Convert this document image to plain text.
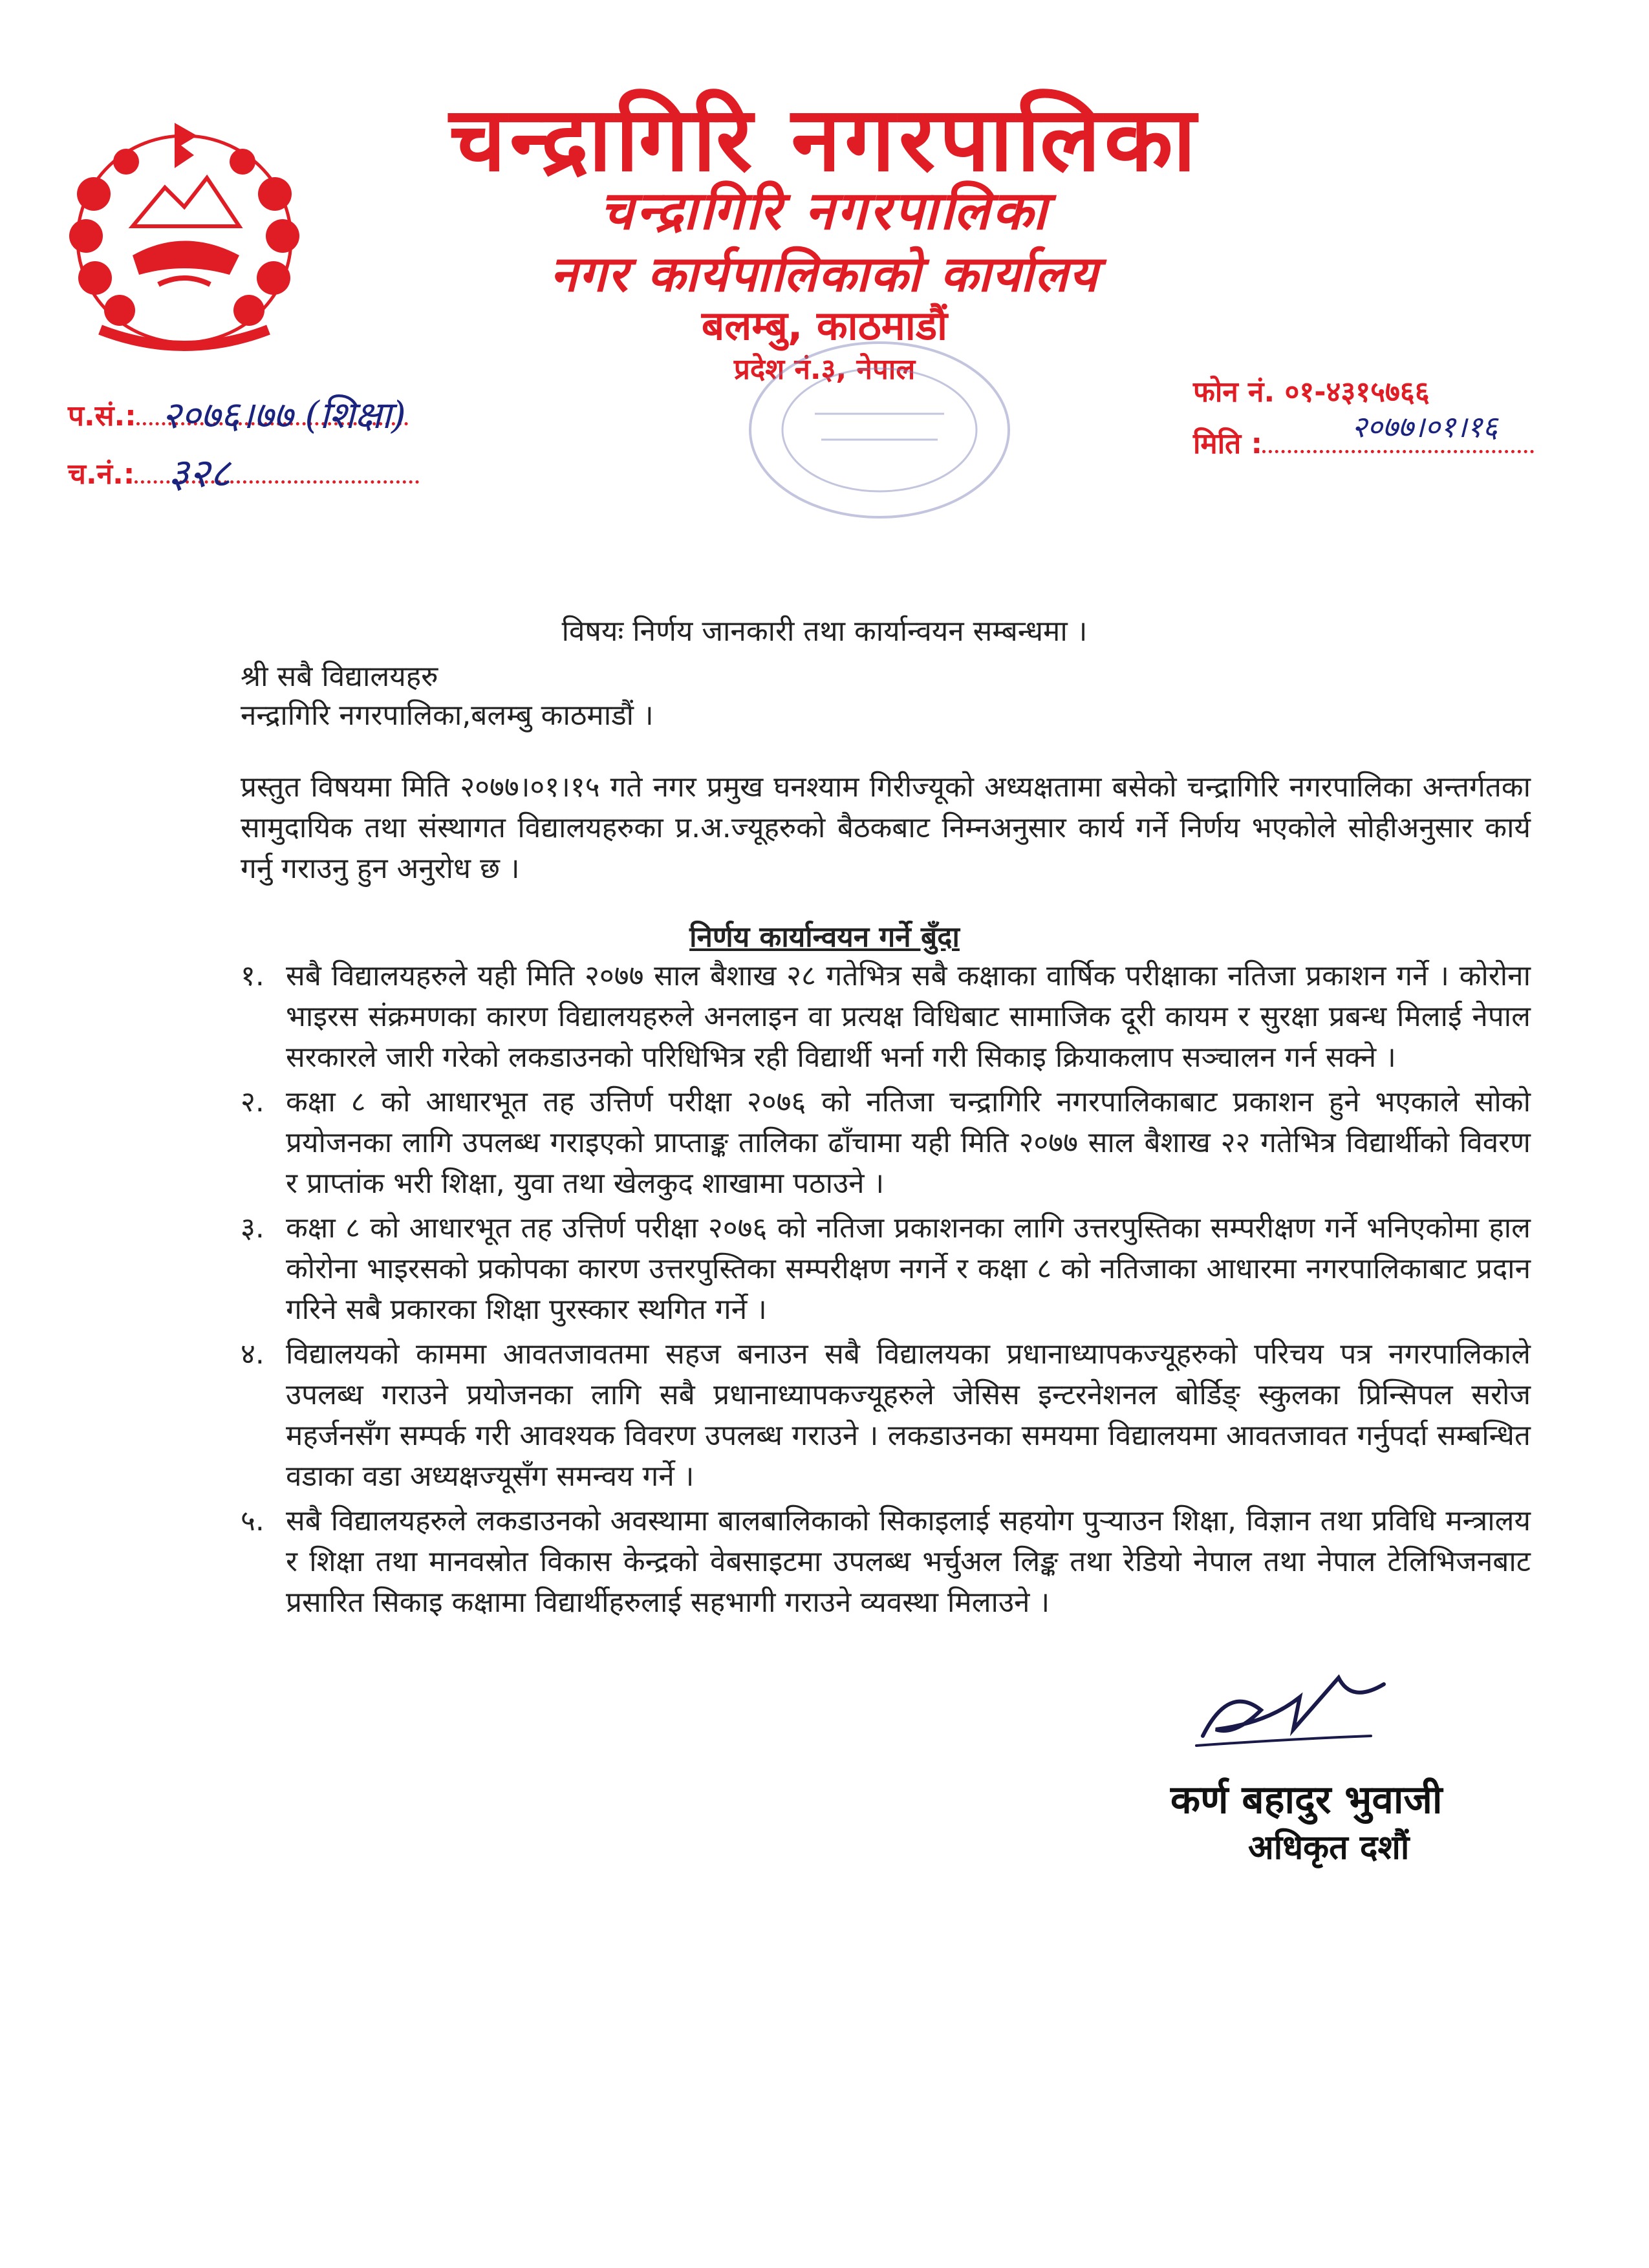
चन्द्रागिरि नगरपालिका
चन्द्रागिरि नगरपालिका
नगर कार्यपालिकाको कार्यालय
बलम्बु, काठमाडौं
प्रदेश नं.३, नेपाल
प.सं.: २०७६।७७ (शिक्षा)
च.नं.: ३२८
फोन नं. ०१-४३१५७६६
मिति :	२०७७।०१।१६
विषयः निर्णय जानकारी तथा कार्यान्वयन सम्बन्धमा ।
श्री सबै विद्यालयहरु
नन्द्रागिरि नगरपालिका,बलम्बु काठमाडौं ।
प्रस्तुत विषयमा मिति २०७७।०१।१५ गते नगर प्रमुख घनश्याम गिरीज्यूको अध्यक्षतामा बसेको चन्द्रागिरि नगरपालिका अन्तर्गतका सामुदायिक तथा संस्थागत विद्यालयहरुका प्र.अ.ज्यूहरुको बैठकबाट निम्नअनुसार कार्य गर्ने निर्णय भएकोले सोहीअनुसार कार्य गर्नु गराउनु हुन अनुरोध छ ।
निर्णय कार्यान्वयन गर्ने बुँदा
१. सबै विद्यालयहरुले यही मिति २०७७ साल बैशाख २८ गतेभित्र सबै कक्षाका वार्षिक परीक्षाका नतिजा प्रकाशन गर्ने । कोरोना भाइरस संक्रमणका कारण विद्यालयहरुले अनलाइन वा प्रत्यक्ष विधिबाट सामाजिक दूरी कायम र सुरक्षा प्रबन्ध मिलाई नेपाल सरकारले जारी गरेको लकडाउनको परिधिभित्र रही विद्यार्थी भर्ना गरी सिकाइ क्रियाकलाप सञ्चालन गर्न सक्ने ।
२. कक्षा ८ को आधारभूत तह उत्तिर्ण परीक्षा २०७६ को नतिजा चन्द्रागिरि नगरपालिकाबाट प्रकाशन हुने भएकाले सोको प्रयोजनका लागि उपलब्ध गराइएको प्राप्ताङ्क तालिका ढाँचामा यही मिति २०७७ साल बैशाख २२ गतेभित्र विद्यार्थीको विवरण र प्राप्तांक भरी शिक्षा, युवा तथा खेलकुद शाखामा पठाउने ।
३. कक्षा ८ को आधारभूत तह उत्तिर्ण परीक्षा २०७६ को नतिजा प्रकाशनका लागि उत्तरपुस्तिका सम्परीक्षण गर्ने भनिएकोमा हाल कोरोना भाइरसको प्रकोपका कारण उत्तरपुस्तिका सम्परीक्षण नगर्ने र कक्षा ८ को नतिजाका आधारमा नगरपालिकाबाट प्रदान गरिने सबै प्रकारका शिक्षा पुरस्कार स्थगित गर्ने ।
४. विद्यालयको काममा आवतजावतमा सहज बनाउन सबै विद्यालयका प्रधानाध्यापकज्यूहरुको परिचय पत्र नगरपालिकाले उपलब्ध गराउने प्रयोजनका लागि सबै प्रधानाध्यापकज्यूहरुले जेसिस इन्टरनेशनल बोर्डिङ् स्कुलका प्रिन्सिपल सरोज महर्जनसँग सम्पर्क गरी आवश्यक विवरण उपलब्ध गराउने । लकडाउनका समयमा विद्यालयमा आवतजावत गर्नुपर्दा सम्बन्धित वडाका वडा अध्यक्षज्यूसँग समन्वय गर्ने ।
५. सबै विद्यालयहरुले लकडाउनको अवस्थामा बालबालिकाको सिकाइलाई सहयोग पुऱ्याउन शिक्षा, विज्ञान तथा प्रविधि मन्त्रालय र शिक्षा तथा मानवस्रोत विकास केन्द्रको वेबसाइटमा उपलब्ध भर्चुअल लिङ्क तथा रेडियो नेपाल तथा नेपाल टेलिभिजनबाट प्रसारित सिकाइ कक्षामा विद्यार्थीहरुलाई सहभागी गराउने व्यवस्था मिलाउने ।
कर्ण बहादुर भुवाजी
अधिकृत दशौं
